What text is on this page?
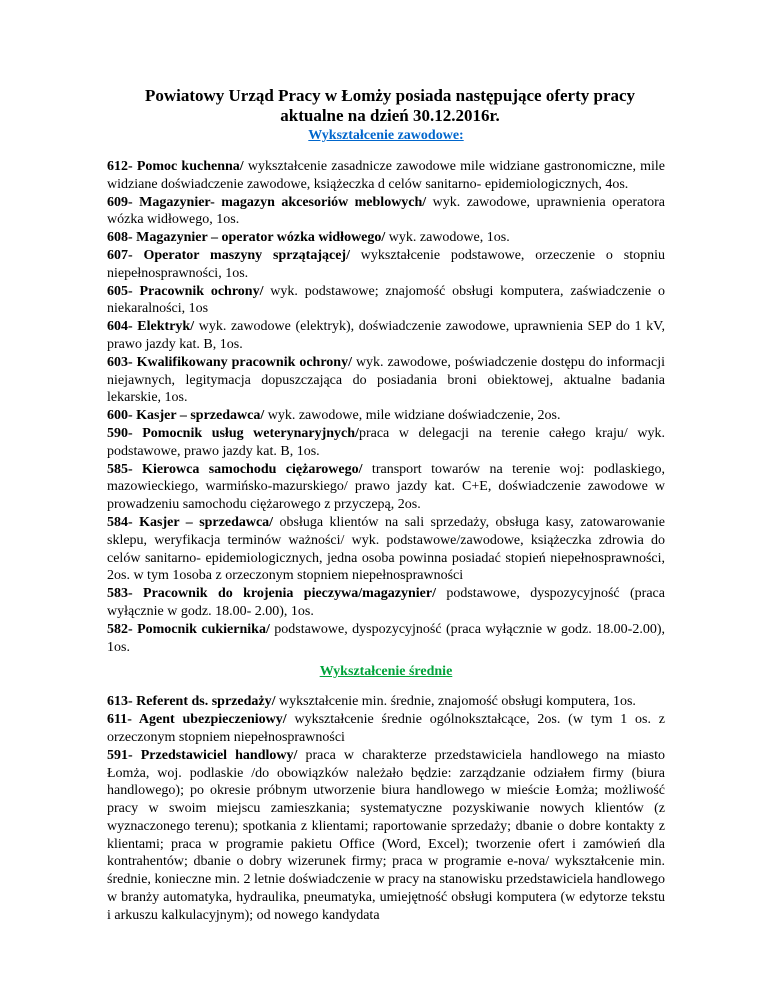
Powiatowy Urząd Pracy w Łomży posiada następujące oferty pracy
aktualne na dzień 30.12.2016r.
Wykształcenie zawodowe:

612- Pomoc kuchenna/ wykształcenie zasadnicze zawodowe mile widziane gastronomiczne, mile widziane doświadczenie zawodowe, książeczka d celów sanitarno- epidemiologicznych, 4os.

609- Magazynier- magazyn akcesoriów meblowych/ wyk. zawodowe, uprawnienia operatora wózka widłowego, 1os.

608- Magazynier – operator wózka widłowego/ wyk. zawodowe, 1os.

607- Operator maszyny sprzątającej/ wykształcenie podstawowe, orzeczenie o stopniu niepełnosprawności, 1os.

605- Pracownik ochrony/ wyk. podstawowe; znajomość obsługi komputera, zaświadczenie o niekaralności, 1os

604- Elektryk/ wyk. zawodowe (elektryk), doświadczenie zawodowe, uprawnienia SEP do 1 kV, prawo jazdy kat. B, 1os.

603- Kwalifikowany pracownik ochrony/ wyk. zawodowe, poświadczenie dostępu do informacji niejawnych, legitymacja dopuszczająca do posiadania broni obiektowej, aktualne badania lekarskie, 1os.

600- Kasjer – sprzedawca/ wyk. zawodowe, mile widziane doświadczenie, 2os.

590- Pomocnik usług weterynaryjnych/praca w delegacji na terenie całego kraju/ wyk. podstawowe, prawo jazdy kat. B, 1os.

585- Kierowca samochodu ciężarowego/ transport towarów na terenie woj: podlaskiego, mazowieckiego, warmińsko-mazurskiego/ prawo jazdy kat. C+E, doświadczenie zawodowe w prowadzeniu samochodu ciężarowego z przyczepą, 2os.

584- Kasjer – sprzedawca/ obsługa klientów na sali sprzedaży, obsługa kasy, zatowarowanie sklepu, weryfikacja terminów ważności/ wyk. podstawowe/zawodowe, książeczka zdrowia do celów sanitarno- epidemiologicznych, jedna osoba powinna posiadać stopień niepełnosprawności, 2os. w tym 1osoba z orzeczonym stopniem niepełnosprawności

583- Pracownik do krojenia pieczywa/magazynier/ podstawowe, dyspozycyjność (praca wyłącznie w godz. 18.00- 2.00), 1os.

582- Pomocnik cukiernika/ podstawowe, dyspozycyjność (praca wyłącznie w godz. 18.00-2.00), 1os.

Wykształcenie średnie

613- Referent ds. sprzedaży/ wykształcenie min. średnie, znajomość obsługi komputera, 1os.

611- Agent ubezpieczeniowy/ wykształcenie średnie ogólnokształcące, 2os. (w tym 1 os. z orzeczonym stopniem niepełnosprawności

591- Przedstawiciel handlowy/ praca w charakterze przedstawiciela handlowego na miasto Łomża, woj. podlaskie /do obowiązków należało będzie: zarządzanie odziałem firmy (biura handlowego); po okresie próbnym utworzenie biura handlowego w mieście Łomża; możliwość pracy w swoim miejscu zamieszkania; systematyczne pozyskiwanie nowych klientów (z wyznaczonego terenu); spotkania z klientami; raportowanie sprzedaży; dbanie o dobre kontakty z klientami; praca w programie pakietu Office (Word, Excel); tworzenie ofert i zamówień dla kontrahentów; dbanie o dobry wizerunek firmy; praca w programie e-nova/ wykształcenie min. średnie, konieczne min. 2 letnie doświadczenie w pracy na stanowisku przedstawiciela handlowego w branży automatyka, hydraulika, pneumatyka, umiejętność obsługi komputera (w edytorze tekstu i arkuszu kalkulacyjnym); od nowego kandydata
